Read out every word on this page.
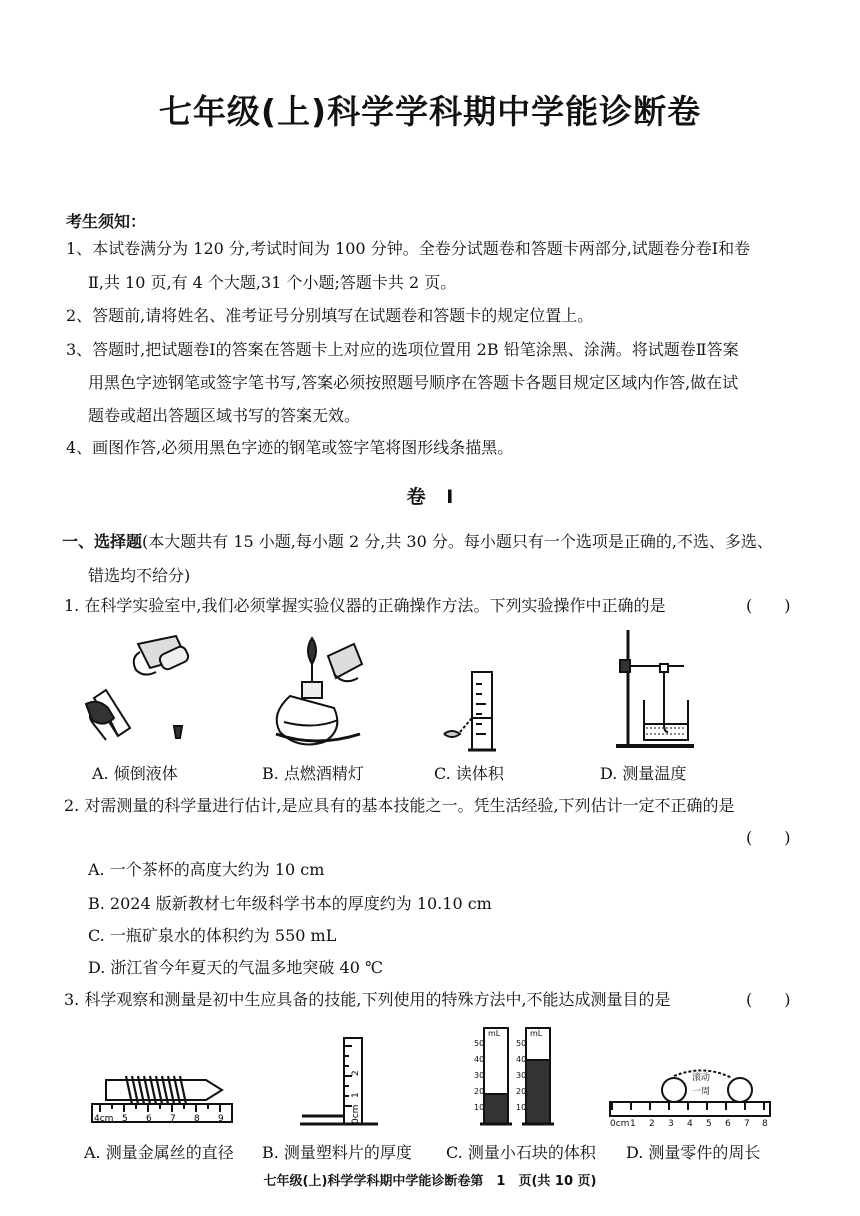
七年级(上)科学学科期中学能诊断卷
考生须知：
1、本试卷满分为 120 分,考试时间为 100 分钟。全卷分试题卷和答题卡两部分,试题卷分卷Ⅰ和卷
Ⅱ,共 10 页,有 4 个大题,31 个小题;答题卡共 2 页。
2、答题前,请将姓名、准考证号分别填写在试题卷和答题卡的规定位置上。
3、答题时,把试题卷Ⅰ的答案在答题卡上对应的选项位置用 2B 铅笔涂黑、涂满。将试题卷Ⅱ答案
用黑色字迹钢笔或签字笔书写,答案必须按照题号顺序在答题卡各题目规定区域内作答,做在试
题卷或超出答题区域书写的答案无效。
4、画图作答,必须用黑色字迹的钢笔或签字笔将图形线条描黑。
卷 Ⅰ
一、选择题(本大题共有 15 小题,每小题 2 分,共 30 分。每小题只有一个选项是正确的,不选、多选、
错选均不给分)
1. 在科学实验室中,我们必须掌握实验仪器的正确操作方法。下列实验操作中正确的是	(　　)
A. 倾倒液体	B. 点燃酒精灯	C. 读体积	D. 测量温度
2. 对需测量的科学量进行估计,是应具有的基本技能之一。凭生活经验,下列估计一定不正确的是
(　　)
A. 一个茶杯的高度大约为 10 cm
B. 2024 版新教材七年级科学书本的厚度约为 10.10 cm
C. 一瓶矿泉水的体积约为 550 mL
D. 浙江省今年夏天的气温多地突破 40 ℃
3. 科学观察和测量是初中生应具备的技能,下列使用的特殊方法中,不能达成测量目的是	(　　)
4cm 5 6 7 8 9
A. 测量金属丝的直径
2
1
0cm
B. 测量塑料片的厚度
mL
50
40
30
20
10
mL
50
40
30
20
10
C. 测量小石块的体积
滚动
一周
0cm 1 2 3 4 5 6 7 8
D. 测量零件的周长
七年级(上)科学学科期中学能诊断卷第　1　页(共 10 页)
